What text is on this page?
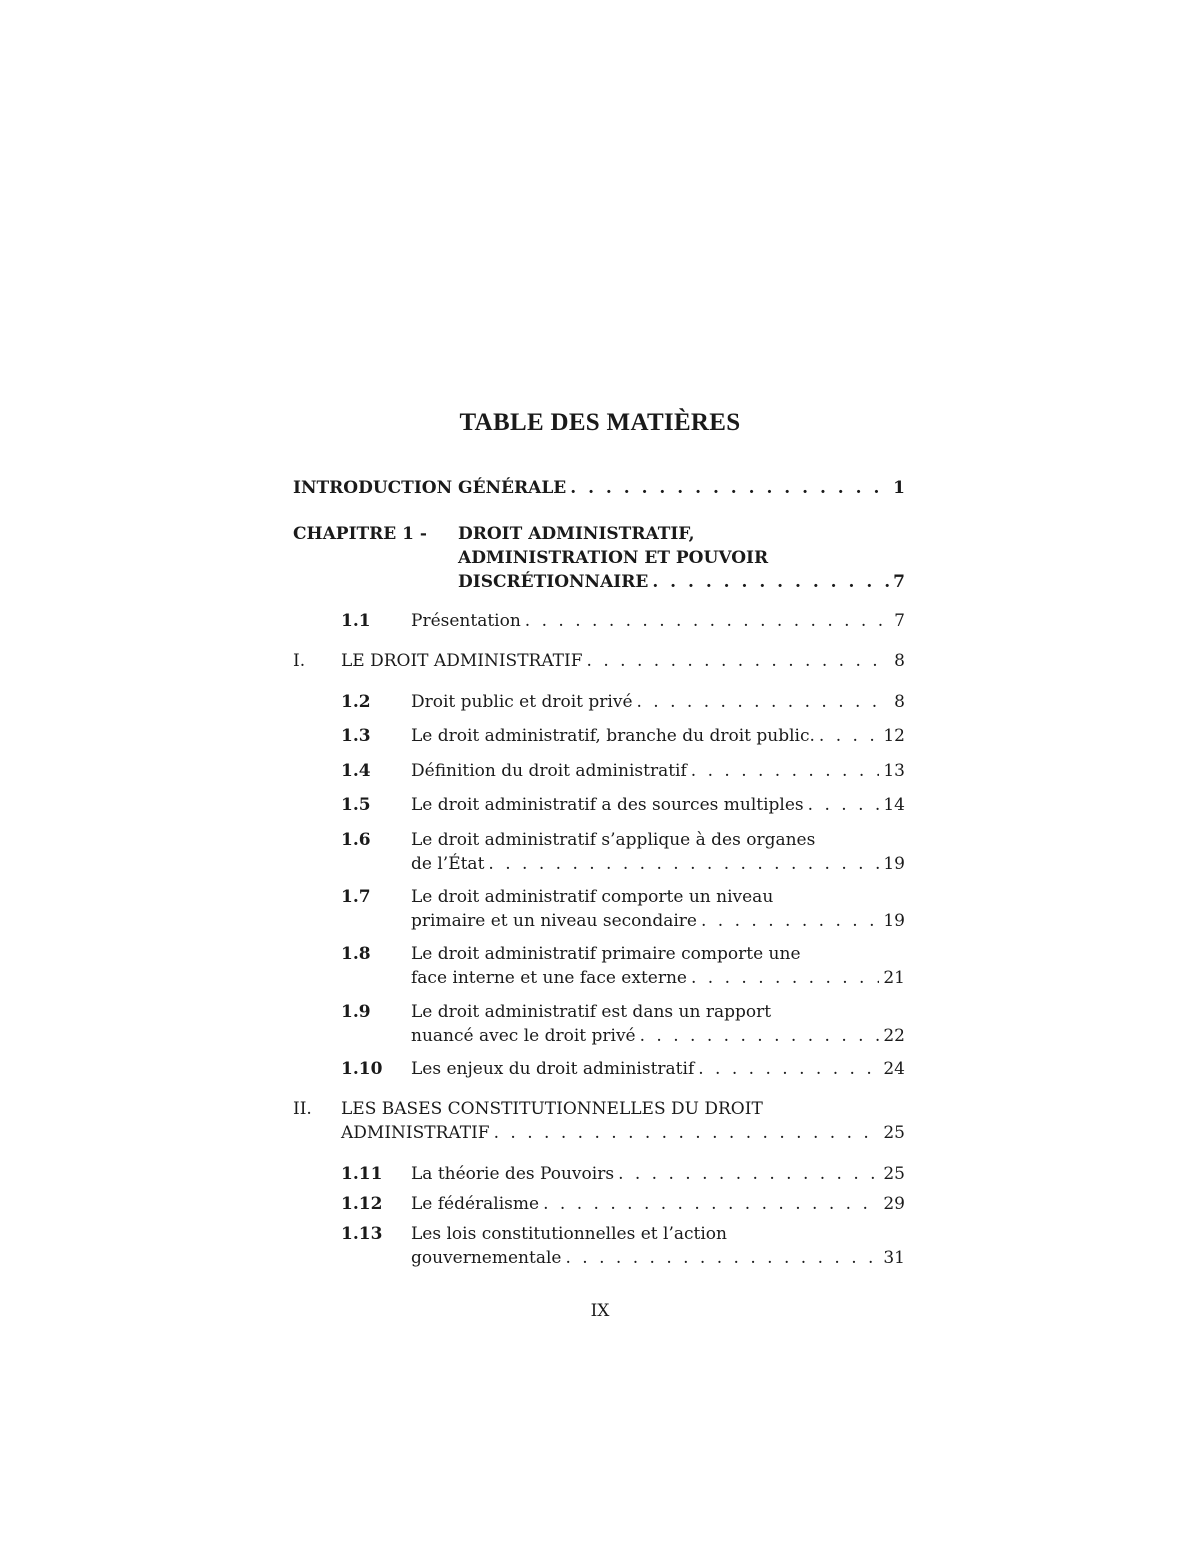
TABLE DES MATIÈRES
INTRODUCTION GÉNÉRALE . . .	1
CHAPITRE 1 - DROIT ADMINISTRATIF,
ADMINISTRATION ET POUVOIR
DISCRÉTIONNAIRE . . .	7
1.1 Présentation . . .	7
I. LE DROIT ADMINISTRATIF . . .	8
1.2 Droit public et droit privé . . .	8
1.3 Le droit administratif, branche du droit public. . . .	12
1.4 Définition du droit administratif . . .	13
1.5 Le droit administratif a des sources multiples . . .	14
1.6 Le droit administratif s’applique à des organes
de l’État . . .	19
1.7 Le droit administratif comporte un niveau
primaire et un niveau secondaire . . .	19
1.8 Le droit administratif primaire comporte une
face interne et une face externe . . .	21
1.9 Le droit administratif est dans un rapport
nuancé avec le droit privé . . .	22
1.10 Les enjeux du droit administratif . . .	24
II. LES BASES CONSTITUTIONNELLES DU DROIT
ADMINISTRATIF . . .	25
1.11 La théorie des Pouvoirs . . .	25
1.12 Le fédéralisme . . .	29
1.13 Les lois constitutionnelles et l’action
gouvernementale . . .	31
IX
